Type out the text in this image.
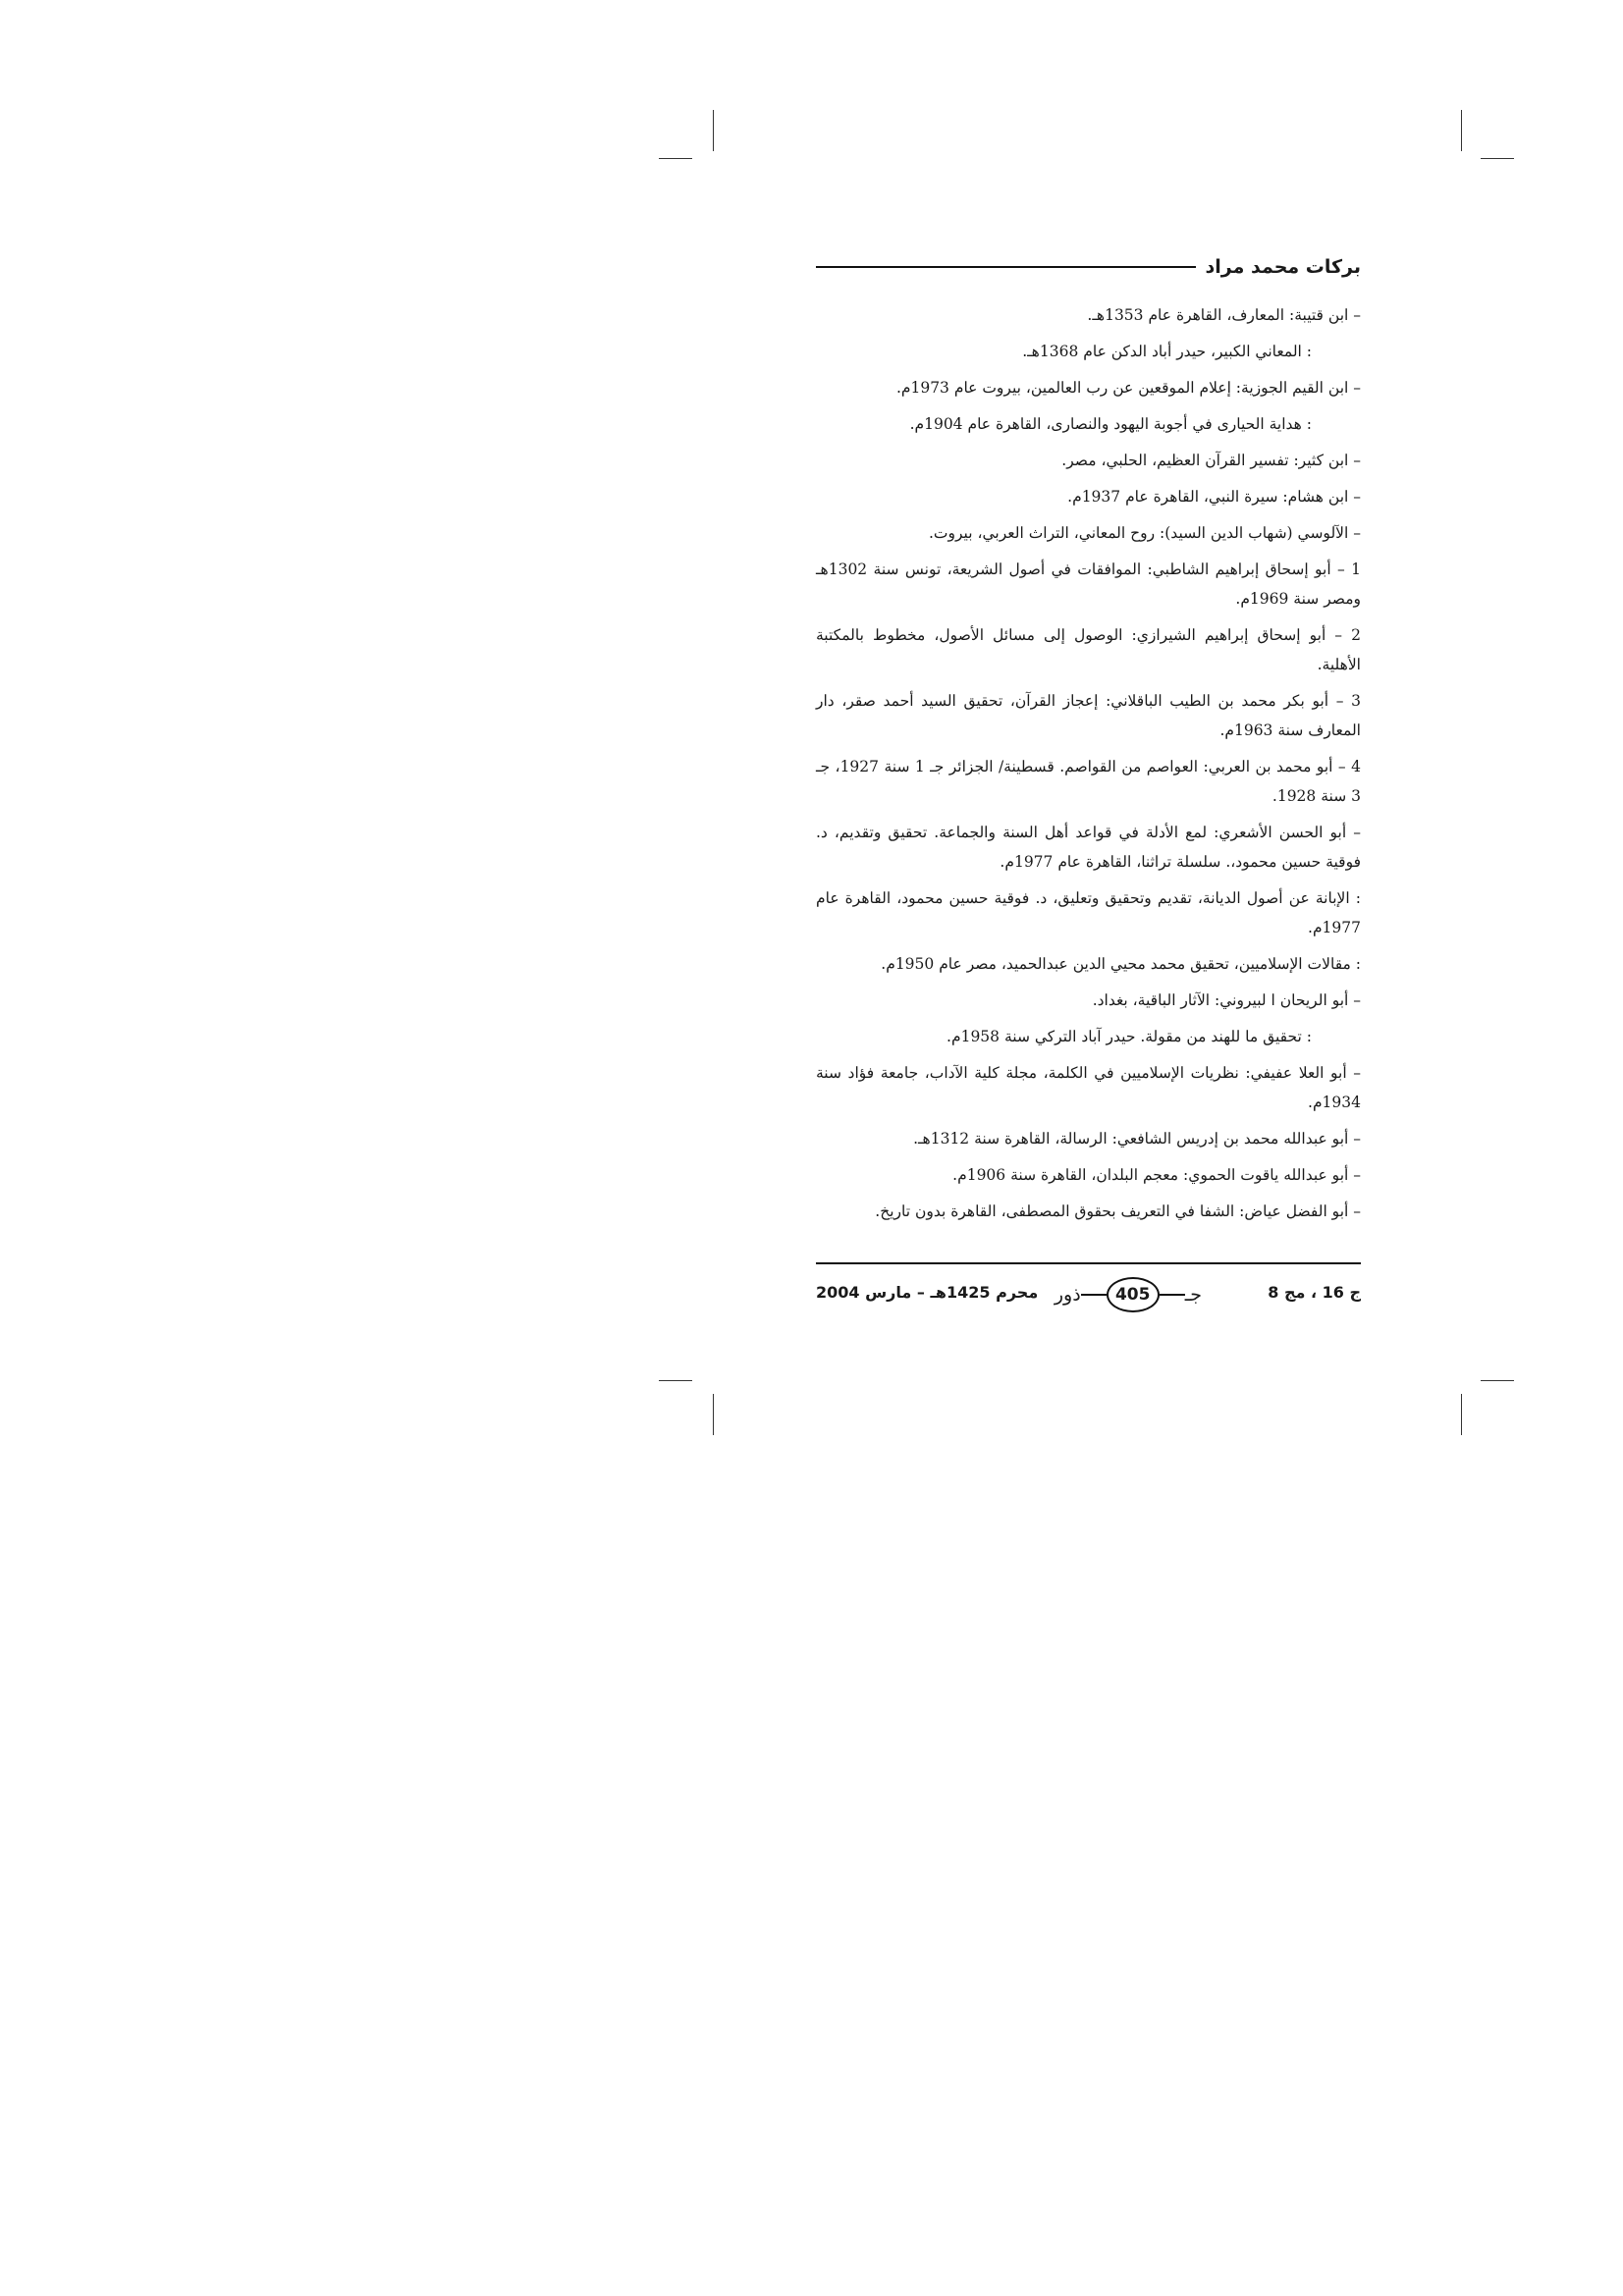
بركات محمد مراد

– ابن قتيبة: المعارف، القاهرة عام 1353هـ.

: المعاني الكبير، حيدر أباد الدكن عام 1368هـ.

– ابن القيم الجوزية: إعلام الموقعين عن رب العالمين، بيروت عام 1973م.

: هداية الحيارى في أجوبة اليهود والنصارى، القاهرة عام 1904م.

– ابن كثير: تفسير القرآن العظيم، الحلبي، مصر.

– ابن هشام: سيرة النبي، القاهرة عام 1937م.

– الآلوسي (شهاب الدين السيد): روح المعاني، التراث العربي، بيروت.

1 – أبو إسحاق إبراهيم الشاطبي: الموافقات في أصول الشريعة، تونس سنة 1302هـ ومصر سنة 1969م.

2 – أبو إسحاق إبراهيم الشيرازي: الوصول إلى مسائل الأصول، مخطوط بالمكتبة الأهلية.

3 – أبو بكر محمد بن الطيب الباقلاني: إعجاز القرآن، تحقيق السيد أحمد صقر، دار المعارف سنة 1963م.

4 – أبو محمد بن العربي: العواصم من القواصم. قسطينة/ الجزائر جـ 1 سنة 1927، جـ 3 سنة 1928.

– أبو الحسن الأشعري: لمع الأدلة في قواعد أهل السنة والجماعة. تحقيق وتقديم، د. فوقية حسين محمود،. سلسلة تراثنا، القاهرة عام 1977م.

: الإبانة عن أصول الديانة، تقديم وتحقيق وتعليق، د. فوقية حسين محمود، القاهرة عام 1977م.

: مقالات الإسلاميين، تحقيق محمد محيي الدين عبدالحميد، مصر عام 1950م.

– أبو الريحان ا لبيروني: الآثار الباقية، بغداد.

: تحقيق ما للهند من مقولة. حيدر آباد التركي سنة 1958م.

– أبو العلا عفيفي: نظريات الإسلاميين في الكلمة، مجلة كلية الآداب، جامعة فؤاد سنة 1934م.

– أبو عبدالله محمد بن إدريس الشافعي: الرسالة، القاهرة سنة 1312هـ.

– أبو عبدالله ياقوت الحموي: معجم البلدان، القاهرة سنة 1906م.

– أبو الفضل عياض: الشفا في التعريف بحقوق المصطفى، القاهرة بدون تاريخ.

ج 16 ، مج 8
جـ
405
ذور
محرم 1425هـ – مارس 2004
